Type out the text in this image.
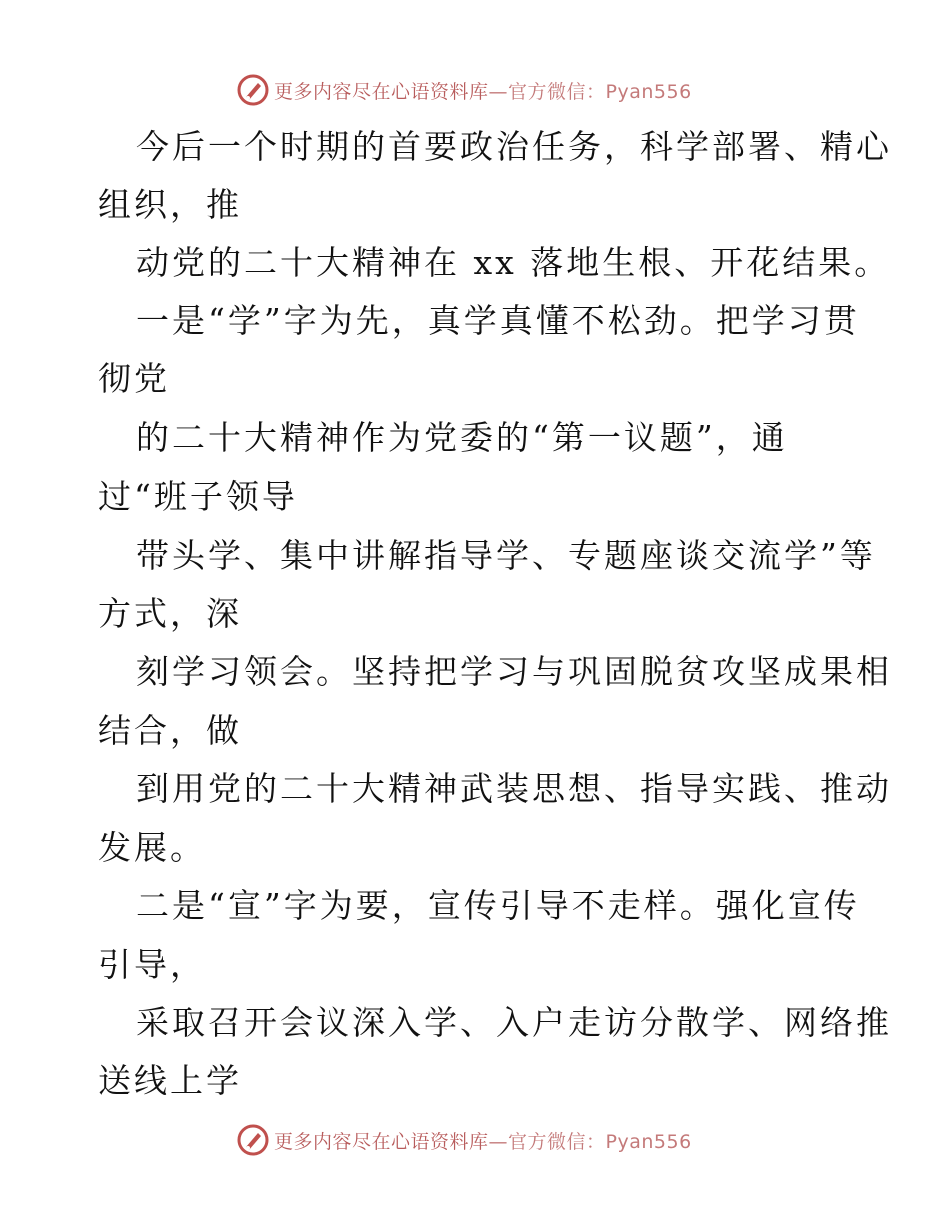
更多内容尽在心语资料库—官方微信：Pyan556
今后一个时期的首要政治任务，科学部署、精心
组织，推
动党的二十大精神在 xx 落地生根、开花结果。
一是“学”字为先，真学真懂不松劲。把学习贯
彻党
的二十大精神作为党委的“第一议题”，通
过“班子领导
带头学、集中讲解指导学、专题座谈交流学”等
方式，深
刻学习领会。坚持把学习与巩固脱贫攻坚成果相
结合，做
到用党的二十大精神武装思想、指导实践、推动
发展。
二是“宣”字为要，宣传引导不走样。强化宣传
引导，
采取召开会议深入学、入户走访分散学、网络推
送线上学
更多内容尽在心语资料库—官方微信：Pyan556
